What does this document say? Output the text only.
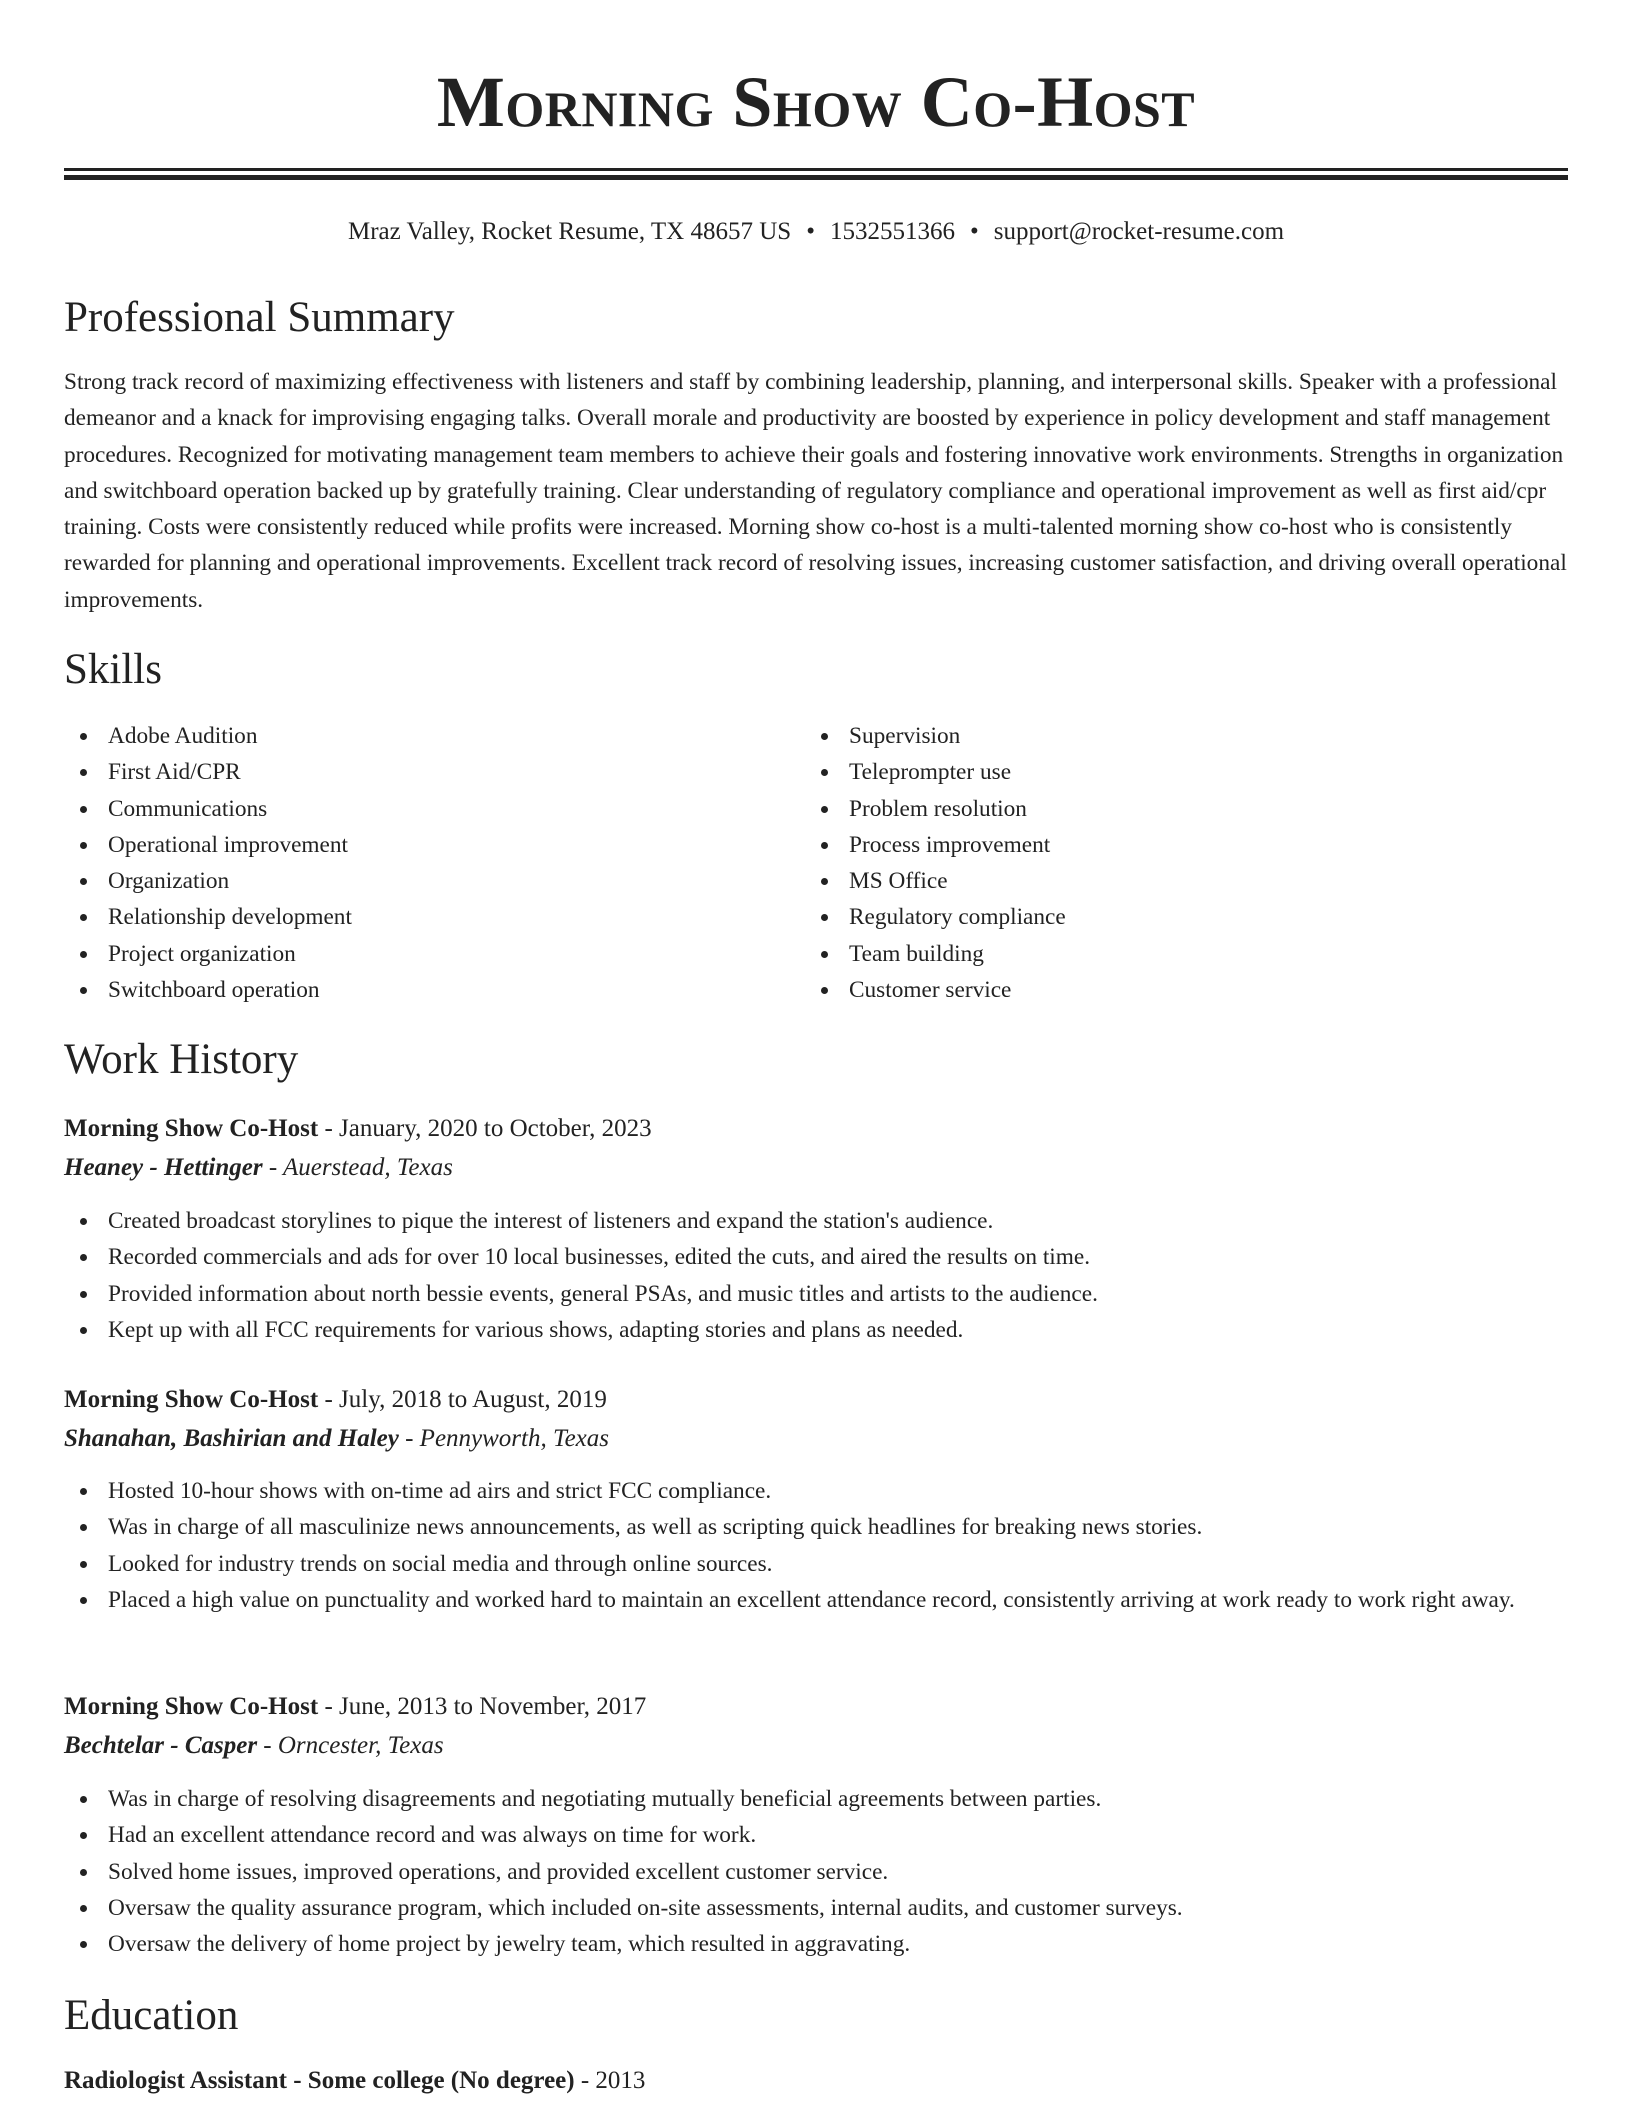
Morning Show Co-Host
Mraz Valley, Rocket Resume, TX 48657 US • 1532551366 • support@rocket-resume.com
Professional Summary

Strong track record of maximizing effectiveness with listeners and staff by combining leadership, planning, and interpersonal skills. Speaker with a professional demeanor and a knack for improvising engaging talks. Overall morale and productivity are boosted by experience in policy development and staff management procedures. Recognized for motivating management team members to achieve their goals and fostering innovative work environments. Strengths in organization and switchboard operation backed up by gratefully training. Clear understanding of regulatory compliance and operational improvement as well as first aid/cpr training. Costs were consistently reduced while profits were increased. Morning show co-host is a multi-talented morning show co-host who is consistently rewarded for planning and operational improvements. Excellent track record of resolving issues, increasing customer satisfaction, and driving overall operational improvements.

Skills
Adobe Audition
First Aid/CPR
Communications
Operational improvement
Organization
Relationship development
Project organization
Switchboard operation
Supervision
Teleprompter use
Problem resolution
Process improvement
MS Office
Regulatory compliance
Team building
Customer service
Work History
Morning Show Co-Host - January, 2020 to October, 2023
Heaney - Hettinger - Auerstead, Texas
Created broadcast storylines to pique the interest of listeners and expand the station's audience.
Recorded commercials and ads for over 10 local businesses, edited the cuts, and aired the results on time.
Provided information about north bessie events, general PSAs, and music titles and artists to the audience.
Kept up with all FCC requirements for various shows, adapting stories and plans as needed.
Morning Show Co-Host - July, 2018 to August, 2019
Shanahan, Bashirian and Haley - Pennyworth, Texas
Hosted 10-hour shows with on-time ad airs and strict FCC compliance.
Was in charge of all masculinize news announcements, as well as scripting quick headlines for breaking news stories.
Looked for industry trends on social media and through online sources.
Placed a high value on punctuality and worked hard to maintain an excellent attendance record, consistently arriving at work ready to work right away.
Morning Show Co-Host - June, 2013 to November, 2017
Bechtelar - Casper - Orncester, Texas
Was in charge of resolving disagreements and negotiating mutually beneficial agreements between parties.
Had an excellent attendance record and was always on time for work.
Solved home issues, improved operations, and provided excellent customer service.
Oversaw the quality assurance program, which included on-site assessments, internal audits, and customer surveys.
Oversaw the delivery of home project by jewelry team, which resulted in aggravating.
Education
Radiologist Assistant - Some college (No degree) - 2013
